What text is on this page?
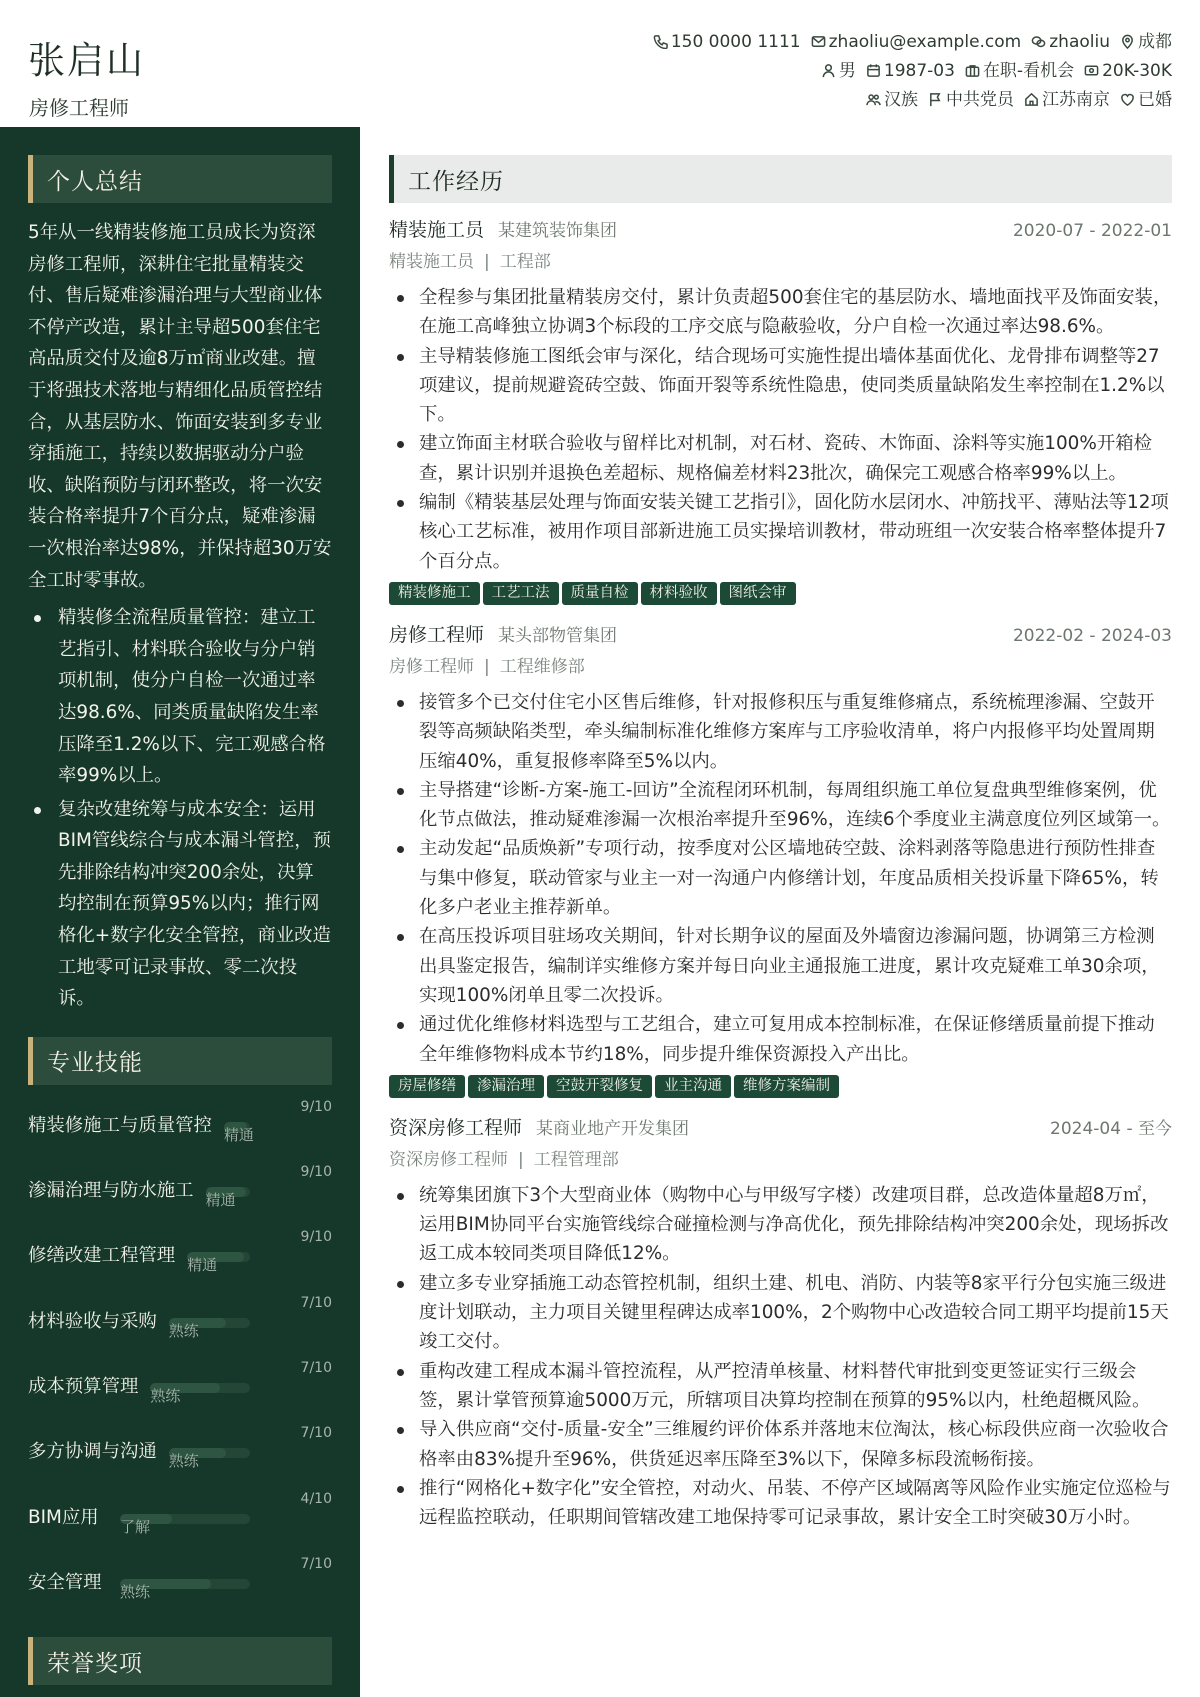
张启山
房修工程师
150 0000 1111 zhaoliu@example.com zhaoliu 成都
男 1987-03 在职-看机会 20K-30K
汉族 中共党员 江苏南京 已婚
个人总结
5年从一线精装修施工员成长为资深房修工程师，深耕住宅批量精装交付、售后疑难渗漏治理与大型商业体不停产改造，累计主导超500套住宅高品质交付及逾8万㎡商业改建。擅于将强技术落地与精细化品质管控结合，从基层防水、饰面安装到多专业穿插施工，持续以数据驱动分户验收、缺陷预防与闭环整改，将一次安装合格率提升7个百分点，疑难渗漏一次根治率达98%，并保持超30万安全工时零事故。
精装修全流程质量管控：建立工艺指引、材料联合验收与分户销项机制，使分户自检一次通过率达98.6%、同类质量缺陷发生率压降至1.2%以下、完工观感合格率99%以上。
复杂改建统筹与成本安全：运用BIM管线综合与成本漏斗管控，预先排除结构冲突200余处，决算均控制在预算95%以内；推行网格化+数字化安全管控，商业改造工地零可记录事故、零二次投诉。
专业技能
精装修施工与质量管控
9/10
精通
渗漏治理与防水施工
9/10
精通
修缮改建工程管理
9/10
精通
材料验收与采购
7/10
熟练
成本预算管理
7/10
熟练
多方协调与沟通
7/10
熟练
BIM应用
4/10
了解
安全管理
7/10
熟练
荣誉奖项
工作经历
精装施工员 某建筑装饰集团	2020-07 - 2022-01
精装施工员 | 工程部
全程参与集团批量精装房交付，累计负责超500套住宅的基层防水、墙地面找平及饰面安装，在施工高峰独立协调3个标段的工序交底与隐蔽验收，分户自检一次通过率达98.6%。
主导精装修施工图纸会审与深化，结合现场可实施性提出墙体基面优化、龙骨排布调整等27项建议，提前规避瓷砖空鼓、饰面开裂等系统性隐患，使同类质量缺陷发生率控制在1.2%以下。
建立饰面主材联合验收与留样比对机制，对石材、瓷砖、木饰面、涂料等实施100%开箱检查，累计识别并退换色差超标、规格偏差材料23批次，确保完工观感合格率99%以上。
编制《精装基层处理与饰面安装关键工艺指引》，固化防水层闭水、冲筋找平、薄贴法等12项核心工艺标准，被用作项目部新进施工员实操培训教材，带动班组一次安装合格率整体提升7个百分点。
精装修施工 工艺工法 质量自检 材料验收 图纸会审
房修工程师 某头部物管集团	2022-02 - 2024-03
房修工程师 | 工程维修部
接管多个已交付住宅小区售后维修，针对报修积压与重复维修痛点，系统梳理渗漏、空鼓开裂等高频缺陷类型，牵头编制标准化维修方案库与工序验收清单，将户内报修平均处置周期压缩40%，重复报修率降至5%以内。
主导搭建“诊断-方案-施工-回访”全流程闭环机制，每周组织施工单位复盘典型维修案例，优化节点做法，推动疑难渗漏一次根治率提升至96%，连续6个季度业主满意度位列区域第一。
主动发起“品质焕新”专项行动，按季度对公区墙地砖空鼓、涂料剥落等隐患进行预防性排查与集中修复，联动管家与业主一对一沟通户内修缮计划，年度品质相关投诉量下降65%，转化多户老业主推荐新单。
在高压投诉项目驻场攻关期间，针对长期争议的屋面及外墙窗边渗漏问题，协调第三方检测出具鉴定报告，编制详实维修方案并每日向业主通报施工进度，累计攻克疑难工单30余项，实现100%闭单且零二次投诉。
通过优化维修材料选型与工艺组合，建立可复用成本控制标准，在保证修缮质量前提下推动全年维修物料成本节约18%，同步提升维保资源投入产出比。
房屋修缮 渗漏治理 空鼓开裂修复 业主沟通 维修方案编制
资深房修工程师 某商业地产开发集团	2024-04 - 至今
资深房修工程师 | 工程管理部
统筹集团旗下3个大型商业体（购物中心与甲级写字楼）改建项目群，总改造体量超8万㎡，运用BIM协同平台实施管线综合碰撞检测与净高优化，预先排除结构冲突200余处，现场拆改返工成本较同类项目降低12%。
建立多专业穿插施工动态管控机制，组织土建、机电、消防、内装等8家平行分包实施三级进度计划联动，主力项目关键里程碑达成率100%，2个购物中心改造较合同工期平均提前15天竣工交付。
重构改建工程成本漏斗管控流程，从严控清单核量、材料替代审批到变更签证实行三级会签，累计掌管预算逾5000万元，所辖项目决算均控制在预算的95%以内，杜绝超概风险。
导入供应商“交付-质量-安全”三维履约评价体系并落地末位淘汰，核心标段供应商一次验收合格率由83%提升至96%，供货延迟率压降至3%以下，保障多标段流畅衔接。
推行“网格化+数字化”安全管控，对动火、吊装、不停产区域隔离等风险作业实施定位巡检与远程监控联动，任职期间管辖改建工地保持零可记录事故，累计安全工时突破30万小时。
